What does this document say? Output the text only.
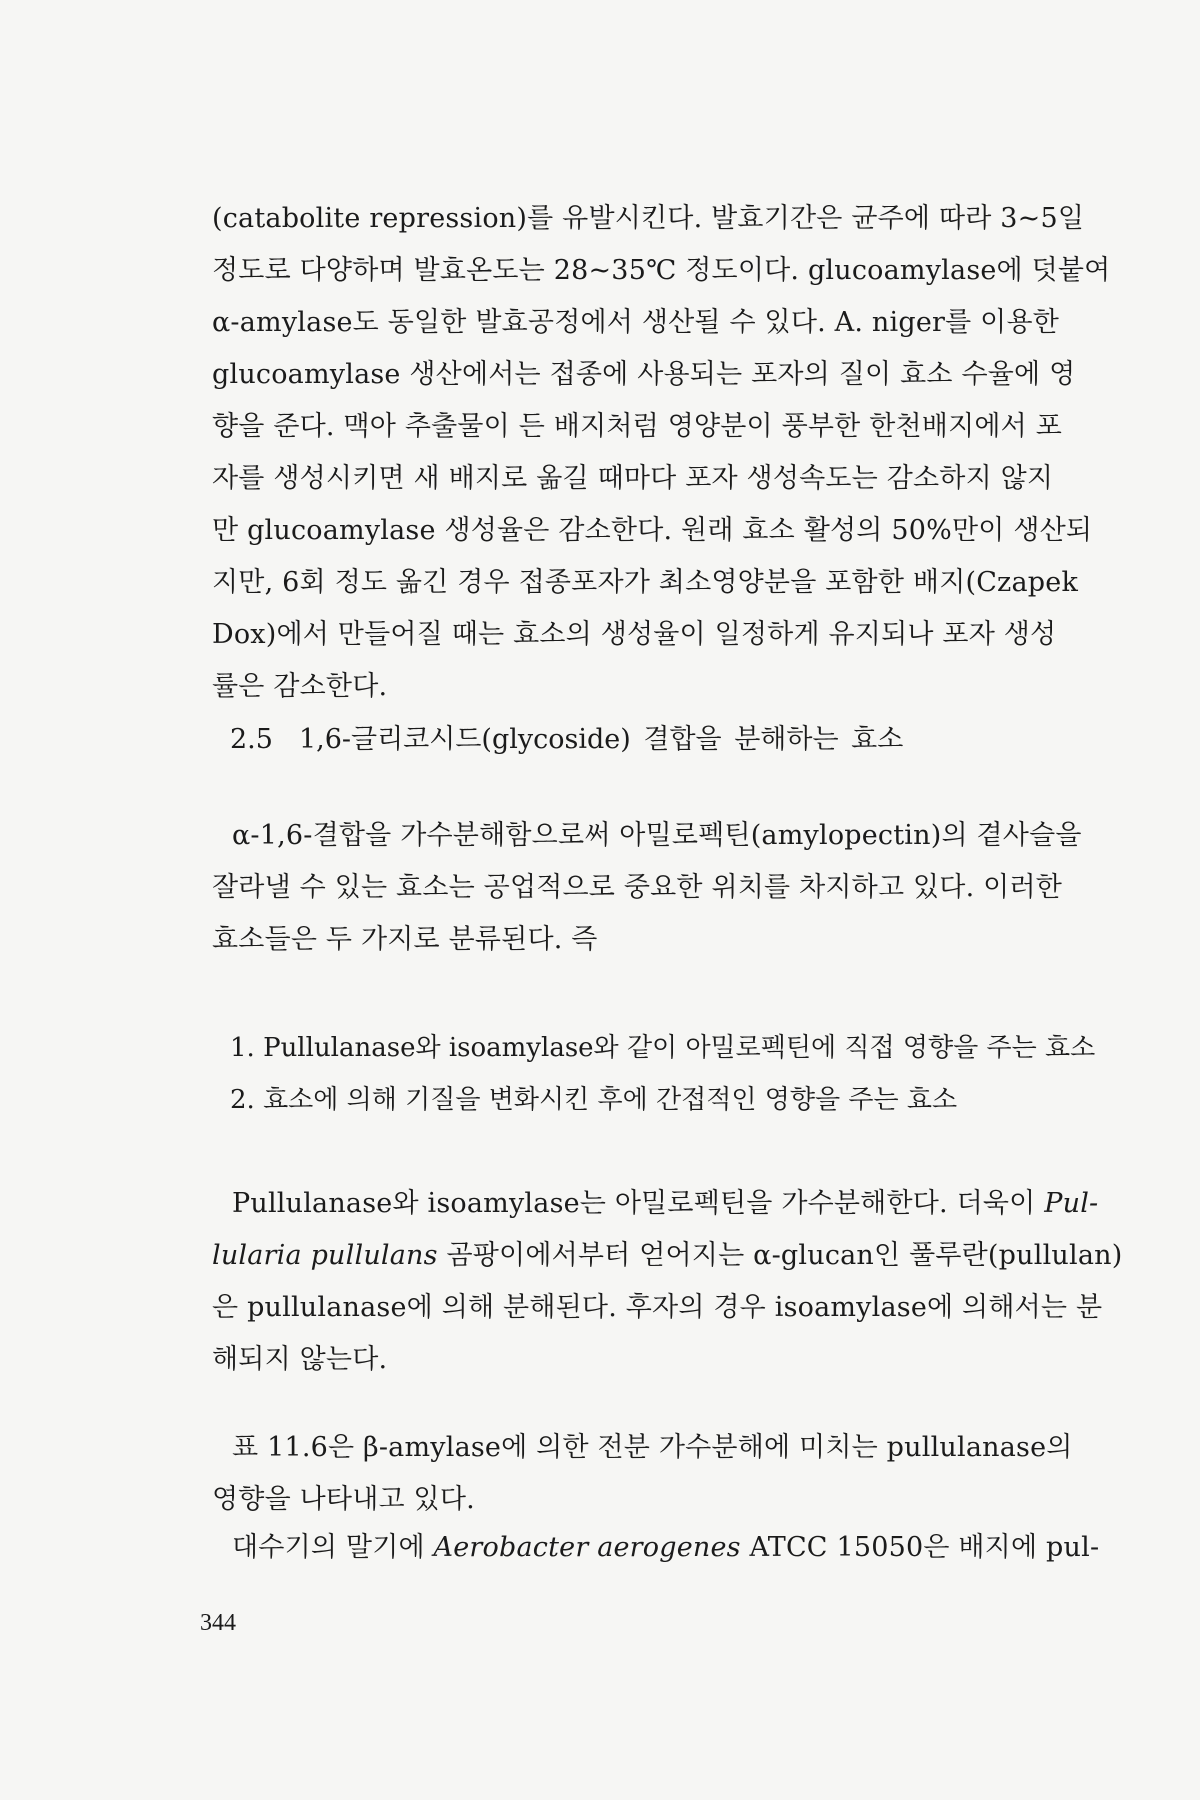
(catabolite repression)를 유발시킨다. 발효기간은 균주에 따라 3~5일
정도로 다양하며 발효온도는 28~35℃ 정도이다. glucoamylase에 덧붙여
α-amylase도 동일한 발효공정에서 생산될 수 있다. A. niger를 이용한
glucoamylase 생산에서는 접종에 사용되는 포자의 질이 효소 수율에 영
향을 준다. 맥아 추출물이 든 배지처럼 영양분이 풍부한 한천배지에서 포
자를 생성시키면 새 배지로 옮길 때마다 포자 생성속도는 감소하지 않지
만 glucoamylase 생성율은 감소한다. 원래 효소 활성의 50%만이 생산되
지만, 6회 정도 옮긴 경우 접종포자가 최소영양분을 포함한 배지(Czapek
Dox)에서 만들어질 때는 효소의 생성율이 일정하게 유지되나 포자 생성
률은 감소한다.
2.5 1,6-글리코시드(glycoside) 결합을 분해하는 효소
α-1,6-결합을 가수분해함으로써 아밀로펙틴(amylopectin)의 곁사슬을
잘라낼 수 있는 효소는 공업적으로 중요한 위치를 차지하고 있다. 이러한
효소들은 두 가지로 분류된다. 즉
1. Pullulanase와 isoamylase와 같이 아밀로펙틴에 직접 영향을 주는 효소
2. 효소에 의해 기질을 변화시킨 후에 간접적인 영향을 주는 효소
Pullulanase와 isoamylase는 아밀로펙틴을 가수분해한다. 더욱이 Pul-
lularia pullulans 곰팡이에서부터 얻어지는 α-glucan인 풀루란(pullulan)
은 pullulanase에 의해 분해된다. 후자의 경우 isoamylase에 의해서는 분
해되지 않는다.
표 11.6은 β-amylase에 의한 전분 가수분해에 미치는 pullulanase의
영향을 나타내고 있다.
대수기의 말기에 Aerobacter aerogenes ATCC 15050은 배지에 pul-
344
